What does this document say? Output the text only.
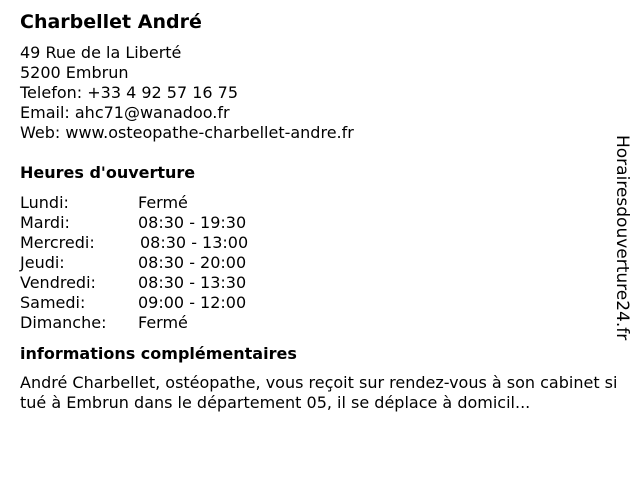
Charbellet André
49 Rue de la Liberté
5200 Embrun
Telefon: +33 4 92 57 16 75
Email: ahc71@wanadoo.fr
Web: www.osteopathe-charbellet-andre.fr
Heures d'ouverture
Lundi:	Fermé
Mardi:	08:30 - 19:30
Mercredi:	08:30 - 13:00
Jeudi:	08:30 - 20:00
Vendredi:	08:30 - 13:30
Samedi:	09:00 - 12:00
Dimanche: Fermé
informations complémentaires
André Charbellet, ostéopathe, vous reçoit sur rendez-vous à son cabinet situé à Embrun dans le département 05, il se déplace à domicil...
Horairesdouverture24.fr
